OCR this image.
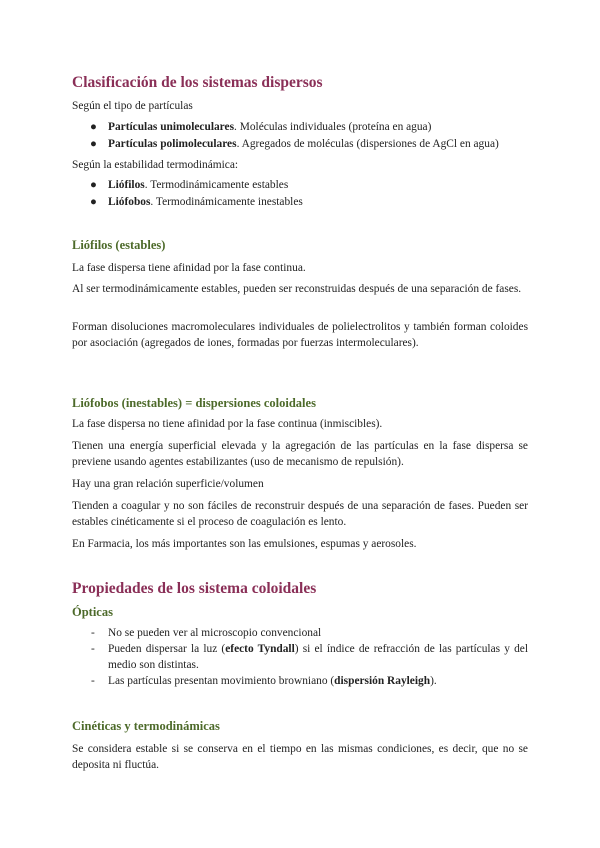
Clasificación de los sistemas dispersos

Según el tipo de partículas

● Partículas unimoleculares. Moléculas individuales (proteína en agua)
● Partículas polimoleculares. Agregados de moléculas (dispersiones de AgCl en agua)

Según la estabilidad termodinámica:

● Liófilos. Termodinámicamente estables
● Liófobos. Termodinámicamente inestables
Liófilos (estables)

La fase dispersa tiene afinidad por la fase continua.

Al ser termodinámicamente estables, pueden ser reconstruidas después de una separación de fases.

Forman disoluciones macromoleculares individuales de polielectrolitos y también forman coloides por asociación (agregados de iones, formadas por fuerzas intermoleculares).

Liófobos (inestables) = dispersiones coloidales

La fase dispersa no tiene afinidad por la fase continua (inmiscibles).

Tienen una energía superficial elevada y la agregación de las partículas en la fase dispersa se previene usando agentes estabilizantes (uso de mecanismo de repulsión).

Hay una gran relación superficie/volumen

Tienden a coagular y no son fáciles de reconstruir después de una separación de fases. Pueden ser estables cinéticamente si el proceso de coagulación es lento.

En Farmacia, los más importantes son las emulsiones, espumas y aerosoles.

Propiedades de los sistema coloidales
Ópticas
- No se pueden ver al microscopio convencional
- Pueden dispersar la luz (efecto Tyndall) si el índice de refracción de las partículas y del medio son distintas.
- Las partículas presentan movimiento browniano (dispersión Rayleigh).
Cinéticas y termodinámicas

Se considera estable si se conserva en el tiempo en las mismas condiciones, es decir, que no se deposita ni fluctúa.
